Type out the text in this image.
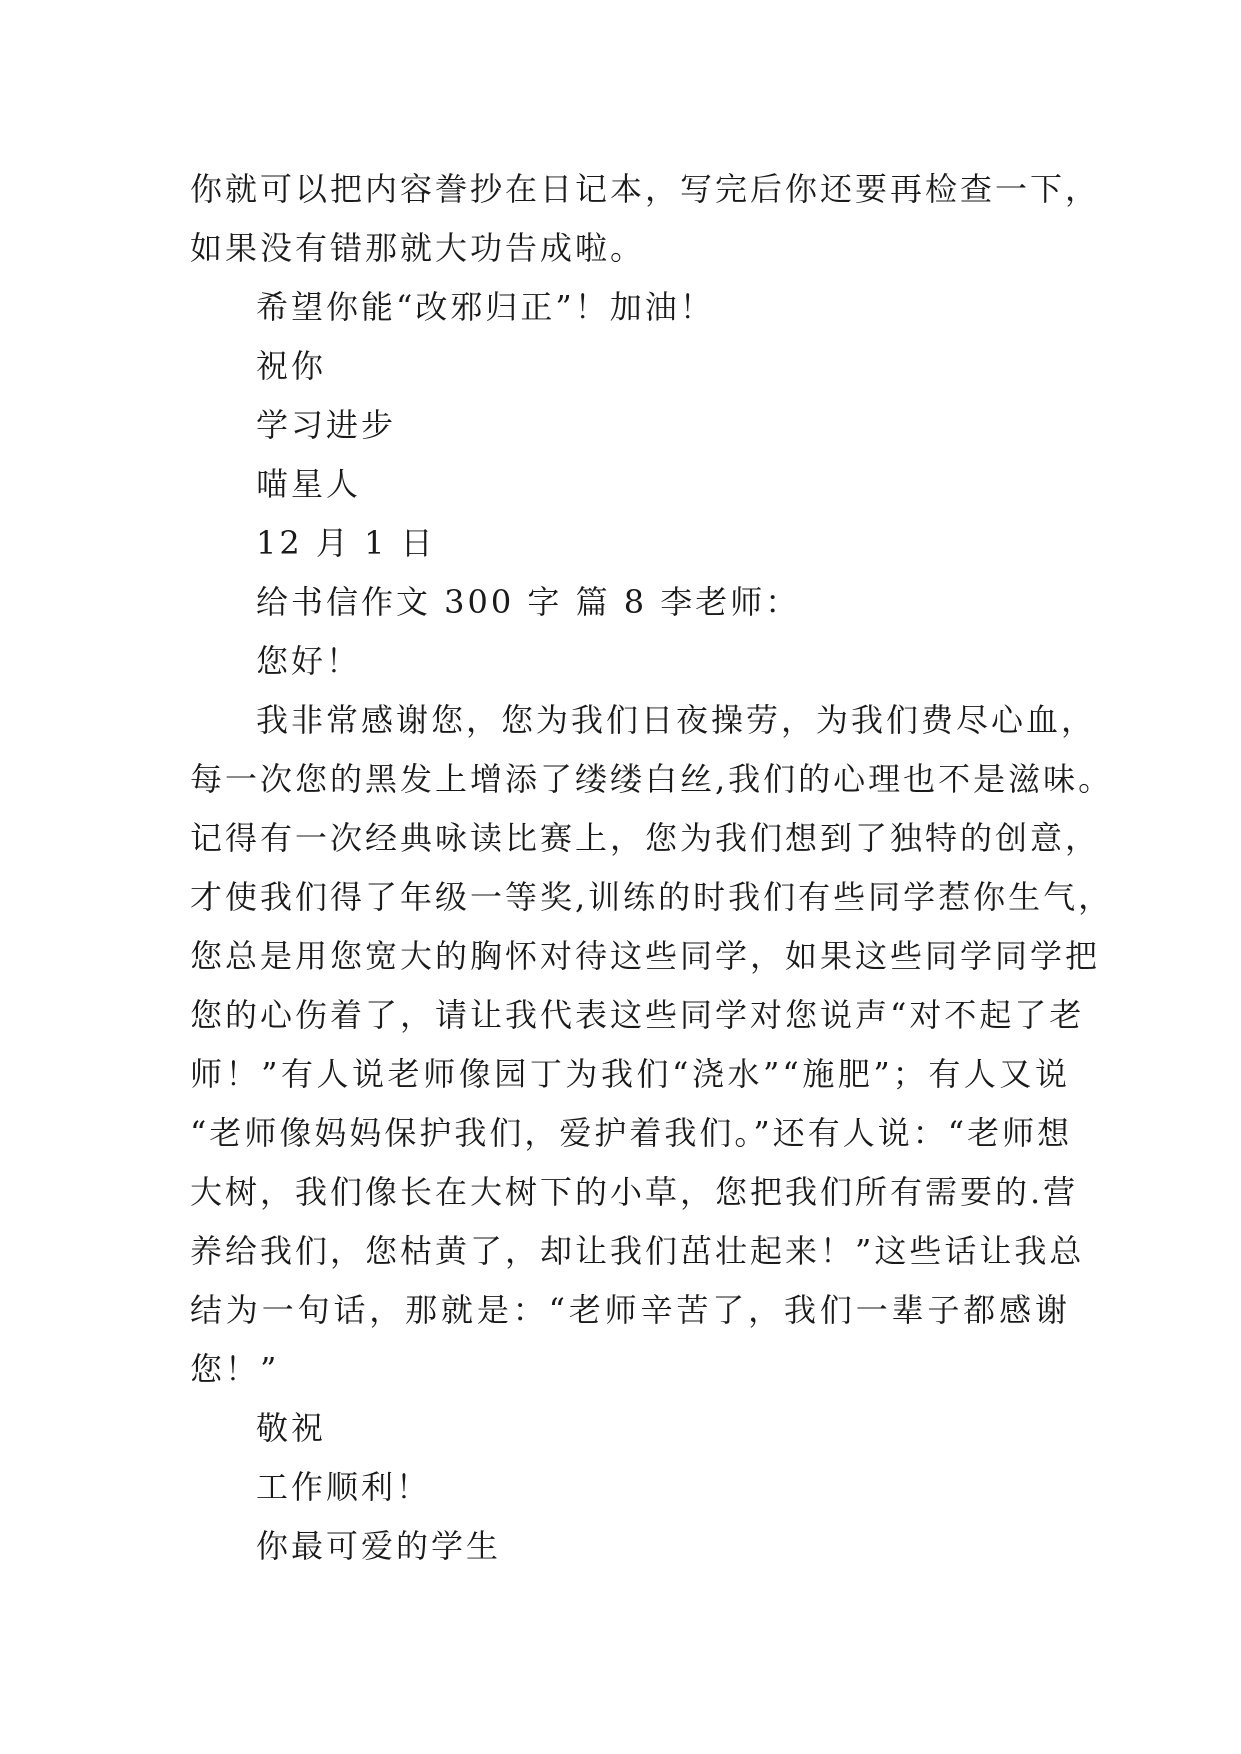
你就可以把内容誊抄在日记本，写完后你还要再检查一下，
如果没有错那就大功告成啦。
希望你能“改邪归正”！加油！
祝你
学习进步
喵星人
12 月 1 日
给书信作文 300 字 篇 8 李老师：
您好！
我非常感谢您，您为我们日夜操劳，为我们费尽心血，
每一次您的黑发上增添了缕缕白丝,我们的心理也不是滋味。
记得有一次经典咏读比赛上，您为我们想到了独特的创意，
才使我们得了年级一等奖,训练的时我们有些同学惹你生气，
您总是用您宽大的胸怀对待这些同学，如果这些同学同学把
您的心伤着了，请让我代表这些同学对您说声“对不起了老
师！”有人说老师像园丁为我们“浇水”“施肥”；有人又说
“老师像妈妈保护我们，爱护着我们。”还有人说：“老师想
大树，我们像长在大树下的小草，您把我们所有需要的.营
养给我们，您枯黄了，却让我们茁壮起来！”这些话让我总
结为一句话，那就是：“老师辛苦了，我们一辈子都感谢
您！”
敬祝
工作顺利！
你最可爱的学生
